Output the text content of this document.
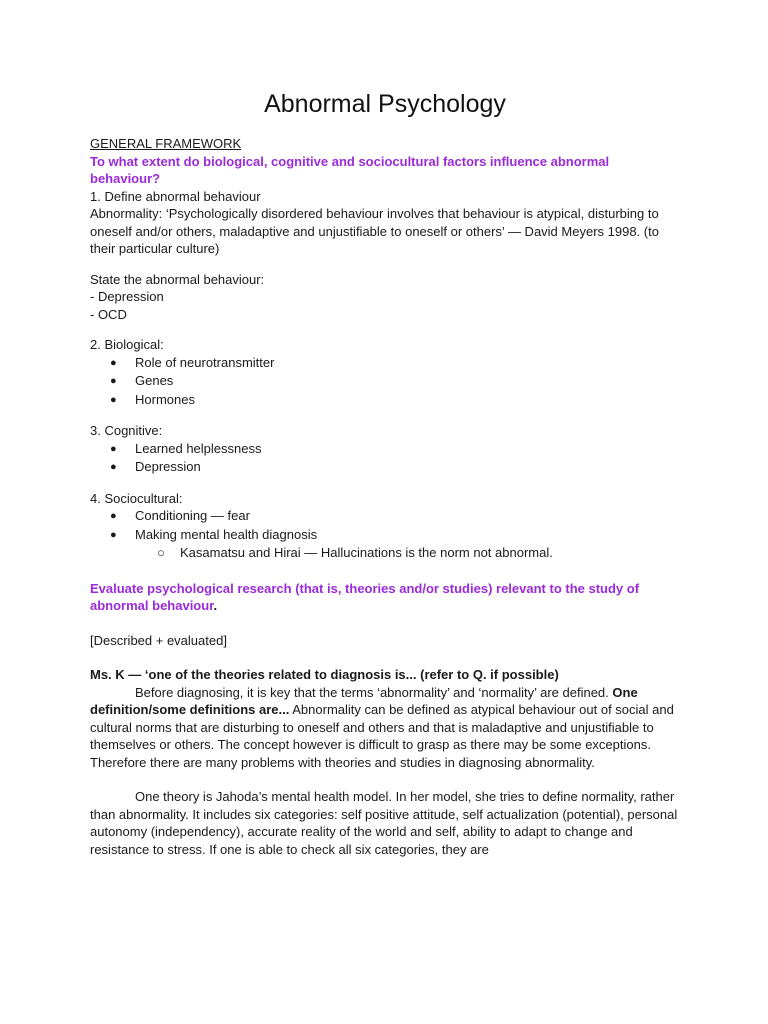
Abnormal Psychology
GENERAL FRAMEWORK
To what extent do biological, cognitive and sociocultural factors influence abnormal behaviour?
1. Define abnormal behaviour
Abnormality: ‘Psychologically disordered behaviour involves that behaviour is atypical, disturbing to oneself and/or others, maladaptive and unjustifiable to oneself or others’ — David Meyers 1998. (to their particular culture)
State the abnormal behaviour:
- Depression
- OCD
2. Biological:
● Role of neurotransmitter
● Genes
● Hormones
3. Cognitive:
● Learned helplessness
● Depression
4. Sociocultural:
● Conditioning — fear
● Making mental health diagnosis
○ Kasamatsu and Hirai — Hallucinations is the norm not abnormal.
Evaluate psychological research (that is, theories and/or studies) relevant to the study of abnormal behaviour.
[Described + evaluated]
Ms. K — ‘one of the theories related to diagnosis is... (refer to Q. if possible)
Before diagnosing, it is key that the terms ‘abnormality’ and ‘normality’ are defined. One definition/some definitions are... Abnormality can be defined as atypical behaviour out of social and cultural norms that are disturbing to oneself and others and that is maladaptive and unjustifiable to themselves or others. The concept however is difficult to grasp as there may be some exceptions. Therefore there are many problems with theories and studies in diagnosing abnormality.
One theory is Jahoda’s mental health model. In her model, she tries to define normality, rather than abnormality. It includes six categories: self positive attitude, self actualization (potential), personal autonomy (independency), accurate reality of the world and self, ability to adapt to change and resistance to stress. If one is able to check all six categories, they are
